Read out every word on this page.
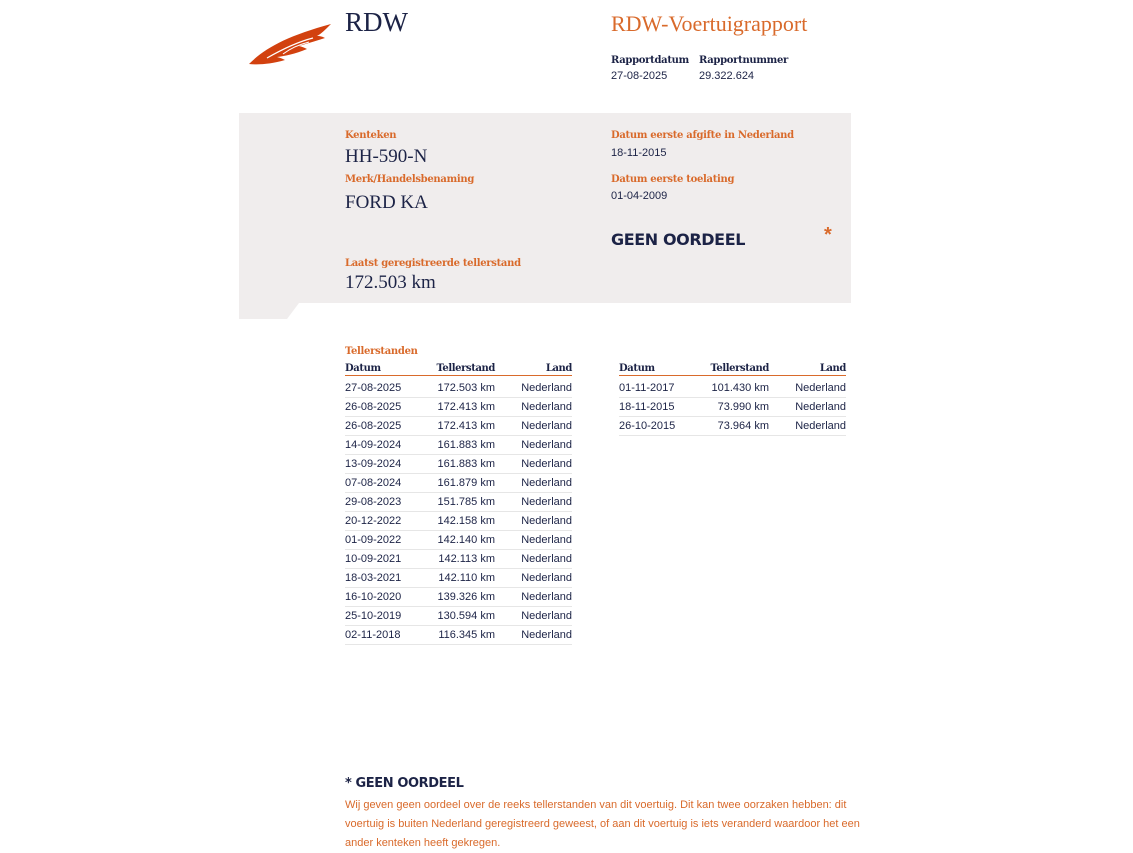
RDW	RDW-Voertuigrapport
Rapportdatum
27-08-2025
Rapportnummer
29.322.624
Kenteken
HH-590-N
Merk/Handelsbenaming
FORD KA
Datum eerste afgifte in Nederland
18-11-2015
Datum eerste toelating
01-04-2009
GEEN OORDEEL	*
Laatst geregistreerde tellerstand
172.503 km
Tellerstanden
Datum	Tellerstand	Land
27-08-2025	172.503 km	Nederland
26-08-2025	172.413 km	Nederland
26-08-2025	172.413 km	Nederland
14-09-2024	161.883 km	Nederland
13-09-2024	161.883 km	Nederland
07-08-2024	161.879 km	Nederland
29-08-2023	151.785 km	Nederland
20-12-2022	142.158 km	Nederland
01-09-2022	142.140 km	Nederland
10-09-2021	142.113 km	Nederland
18-03-2021	142.110 km	Nederland
16-10-2020	139.326 km	Nederland
25-10-2019	130.594 km	Nederland
02-11-2018	116.345 km	Nederland
Datum	Tellerstand	Land
01-11-2017	101.430 km	Nederland
18-11-2015	73.990 km	Nederland
26-10-2015	73.964 km	Nederland
* GEEN OORDEEL
Wij geven geen oordeel over de reeks tellerstanden van dit voertuig. Dit kan twee oorzaken hebben: dit voertuig is buiten Nederland geregistreerd geweest, of aan dit voertuig is iets veranderd waardoor het een ander kenteken heeft gekregen.
